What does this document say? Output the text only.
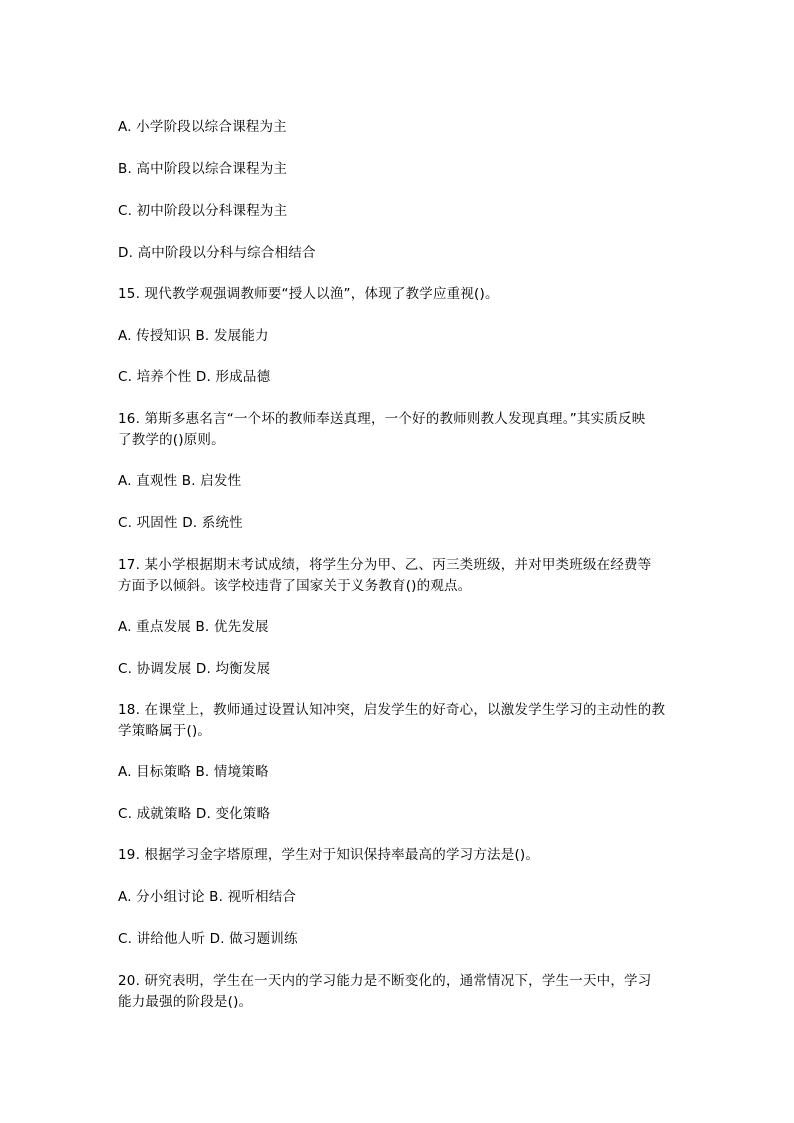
A. 小学阶段以综合课程为主
B. 高中阶段以综合课程为主
C. 初中阶段以分科课程为主
D. 高中阶段以分科与综合相结合
15. 现代教学观强调教师要“授人以渔”，体现了教学应重视()。
A. 传授知识 B. 发展能力
C. 培养个性 D. 形成品德
16. 第斯多惠名言“一个坏的教师奉送真理，一个好的教师则教人发现真理。”其实质反映
了教学的()原则。
A. 直观性 B. 启发性
C. 巩固性 D. 系统性
17. 某小学根据期末考试成绩，将学生分为甲、乙、丙三类班级，并对甲类班级在经费等
方面予以倾斜。该学校违背了国家关于义务教育()的观点。
A. 重点发展 B. 优先发展
C. 协调发展 D. 均衡发展
18. 在课堂上，教师通过设置认知冲突，启发学生的好奇心，以激发学生学习的主动性的教
学策略属于()。
A. 目标策略 B. 情境策略
C. 成就策略 D. 变化策略
19. 根据学习金字塔原理，学生对于知识保持率最高的学习方法是()。
A. 分小组讨论 B. 视听相结合
C. 讲给他人听 D. 做习题训练
20. 研究表明，学生在一天内的学习能力是不断变化的，通常情况下，学生一天中，学习
能力最强的阶段是()。
